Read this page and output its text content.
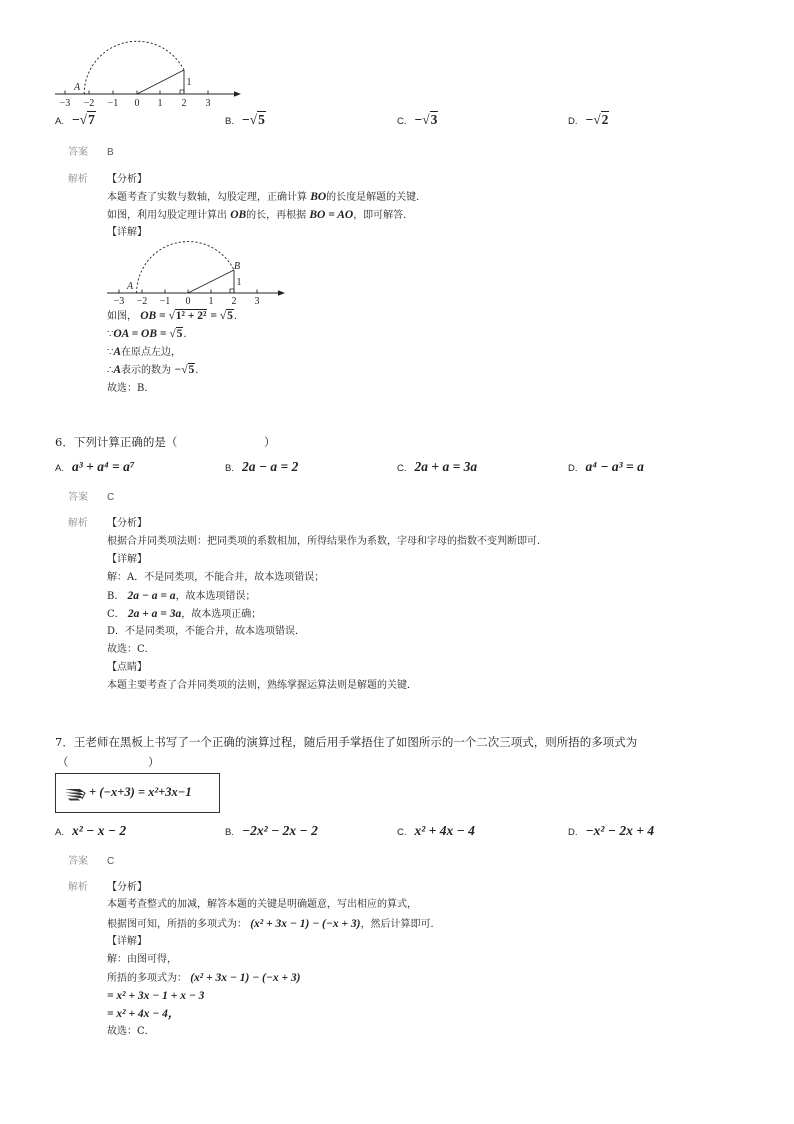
−3 −2 −1 0 1 2 3
A	1
A. −√7	B. −√5	C. −√3	D. −√2
答案 B
解析 【分析】
本题考查了实数与数轴，勾股定理，正确计算 BO的长度是解题的关键．
如图，利用勾股定理计算出 OB的长，再根据 BO = AO，即可解答．
【详解】
−3 −2 −1 0 1 2 3
A
B
1
如图， OB = √1² + 2² = √5．
∵OA = OB = √5．
∵A在原点左边，
∴A表示的数为 −√5．
故选：B．
6．下列计算正确的是（	）
A. a³ + a⁴ = a⁷	B. 2a − a = 2	C. 2a + a = 3a	D. a⁴ − a³ = a
答案 C
解析 【分析】
根据合并同类项法则：把同类项的系数相加，所得结果作为系数，字母和字母的指数不变判断即可．
【详解】
解：A．不是同类项，不能合并，故本选项错误；
B． 2a − a = a，故本选项错误；
C． 2a + a = 3a，故本选项正确；
D．不是同类项，不能合并，故本选项错误．
故选：C．
【点睛】
本题主要考查了合并同类项的法则，熟练掌握运算法则是解题的关键．
7．王老师在黑板上书写了一个正确的演算过程，随后用手掌捂住了如图所示的一个二次三项式，则所捂的多项式为
（	）
+ (−x+3) = x²+3x−1
A. x² − x − 2	B. −2x² − 2x − 2	C. x² + 4x − 4	D. −x² − 2x + 4
答案 C
解析 【分析】
本题考查整式的加减，解答本题的关键是明确题意，写出相应的算式，
根据图可知，所捂的多项式为： (x² + 3x − 1) − (−x + 3)，然后计算即可．
【详解】
解：由图可得，
所捂的多项式为： (x² + 3x − 1) − (−x + 3)
= x² + 3x − 1 + x − 3
= x² + 4x − 4，
故选：C．
